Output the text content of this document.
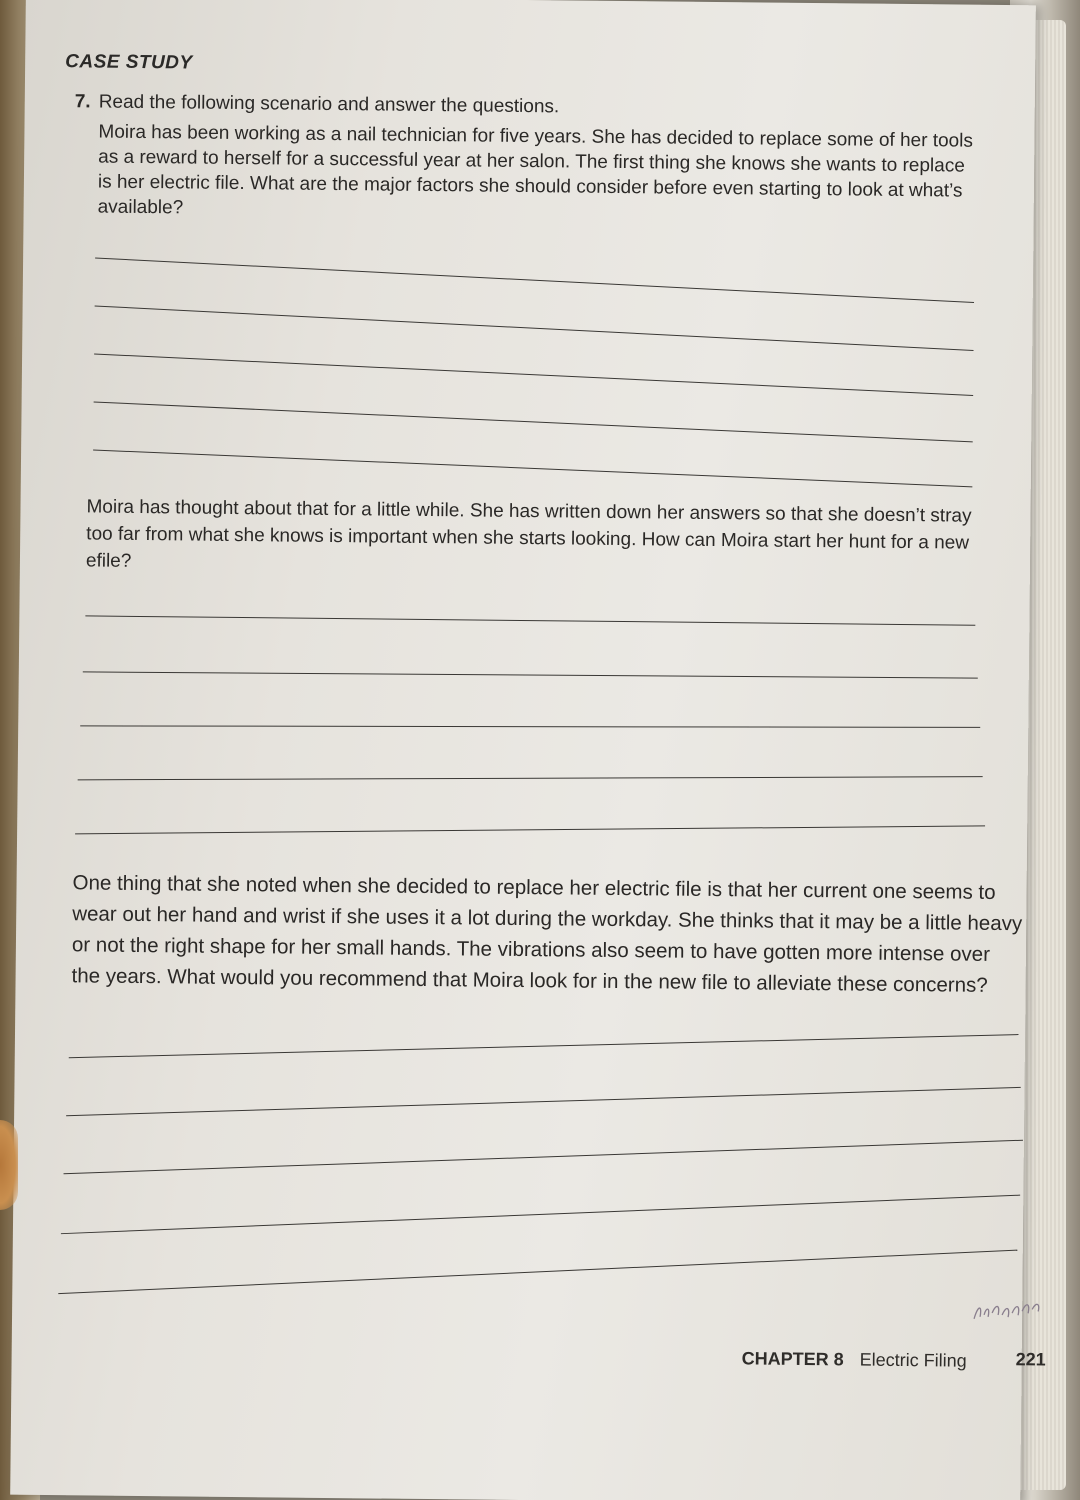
CASE STUDY
7. Read the following scenario and answer the questions.
Moira has been working as a nail technician for five years. She has decided to replace some of her tools as a reward to herself for a successful year at her salon. The first thing she knows she wants to replace is her electric file. What are the major factors she should consider before even starting to look at what’s available?
Moira has thought about that for a little while. She has written down her answers so that she doesn’t stray too far from what she knows is important when she starts looking. How can Moira start her hunt for a new efile?
One thing that she noted when she decided to replace her electric file is that her current one seems to wear out her hand and wrist if she uses it a lot during the workday. She thinks that it may be a little heavy or not the right shape for her small hands. The vibrations also seem to have gotten more intense over the years. What would you recommend that Moira look for in the new file to alleviate these concerns?
CHAPTER 8 Electric Filing	221
